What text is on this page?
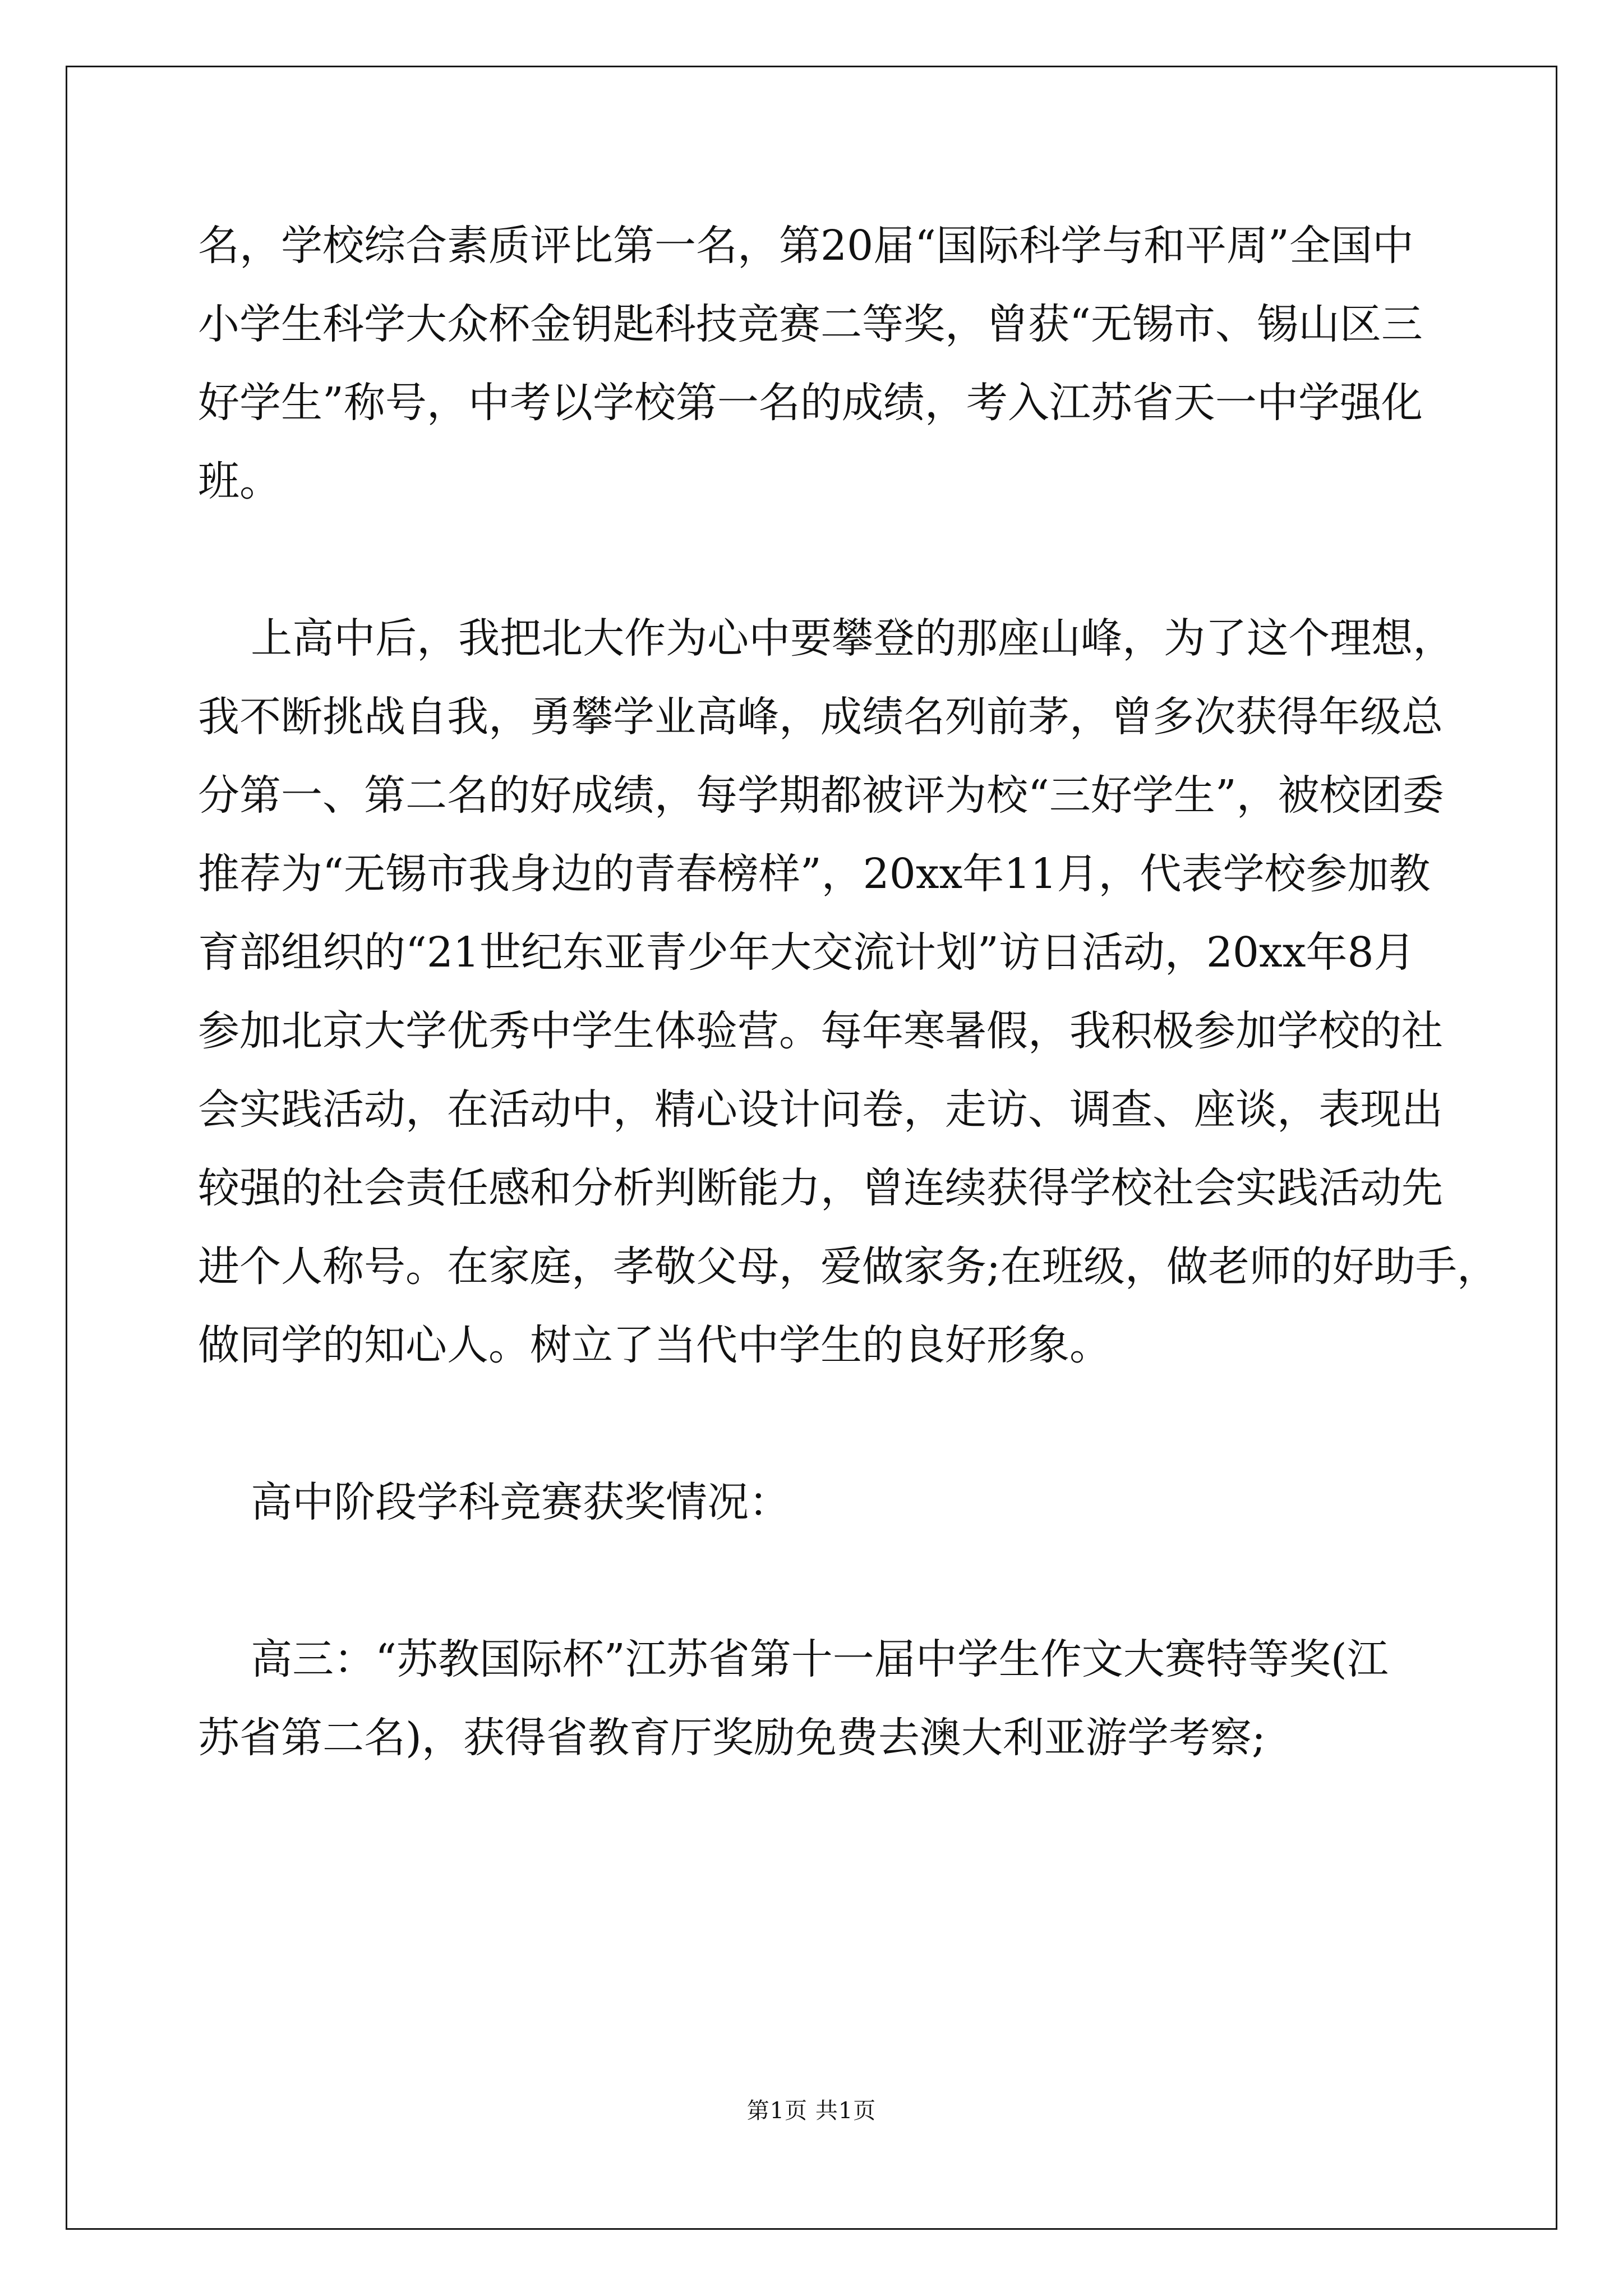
名，学校综合素质评比第一名，第20届“国际科学与和平周”全国中
小学生科学大众杯金钥匙科技竞赛二等奖，曾获“无锡市、锡山区三
好学生”称号，中考以学校第一名的成绩，考入江苏省天一中学强化
班。
上高中后，我把北大作为心中要攀登的那座山峰，为了这个理想，
我不断挑战自我，勇攀学业高峰，成绩名列前茅，曾多次获得年级总
分第一、第二名的好成绩，每学期都被评为校“三好学生”，被校团委
推荐为“无锡市我身边的青春榜样”，20xx年11月，代表学校参加教
育部组织的“21世纪东亚青少年大交流计划”访日活动，20xx年8月
参加北京大学优秀中学生体验营。每年寒暑假，我积极参加学校的社
会实践活动，在活动中，精心设计问卷，走访、调查、座谈，表现出
较强的社会责任感和分析判断能力，曾连续获得学校社会实践活动先
进个人称号。在家庭，孝敬父母，爱做家务;在班级，做老师的好助手，
做同学的知心人。树立了当代中学生的良好形象。
高中阶段学科竞赛获奖情况：
高三：“苏教国际杯”江苏省第十一届中学生作文大赛特等奖(江
苏省第二名)，获得省教育厅奖励免费去澳大利亚游学考察;
第1页 共1页
